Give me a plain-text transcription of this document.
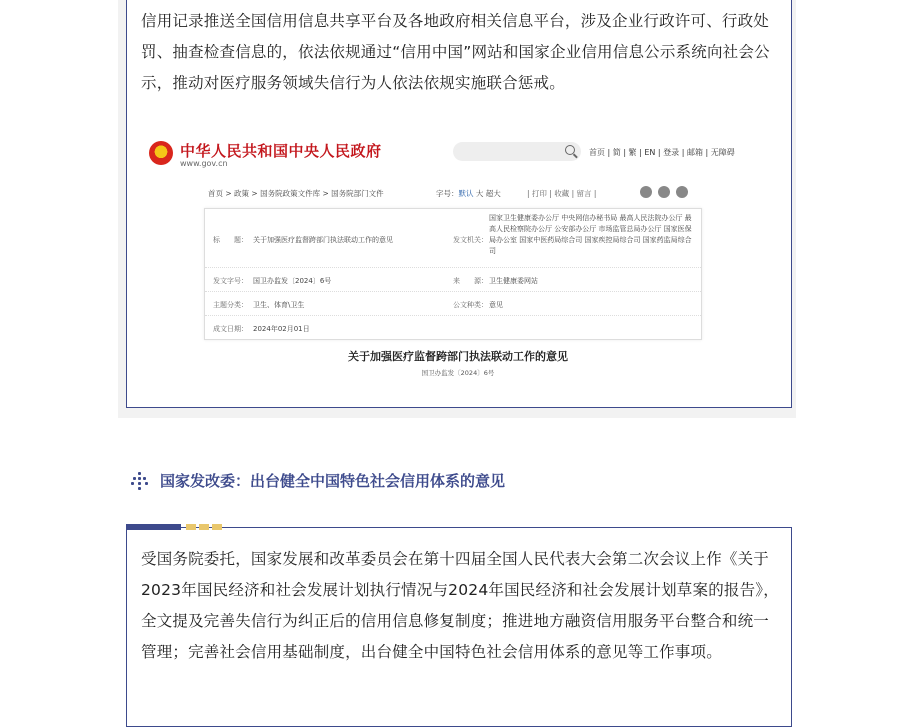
信用记录推送全国信用信息共享平台及各地政府相关信息平台，涉及企业行政许可、行政处罚、抽查检查信息的，依法依规通过“信用中国”网站和国家企业信用信息公示系统向社会公示，推动对医疗服务领域失信行为人依法依规实施联合惩戒。

中华人民共和国中央人民政府
www.gov.cn
首页 | 简 | 繁 | EN | 登录 | 邮箱 | 无障碍
首页 > 政策 > 国务院政策文件库 > 国务院部门文件	字号：默认 大 超大	| 打印 | 收藏 | 留言 |
标　　题： 关于加强医疗监督跨部门执法联动工作的意见	发文机关：
国家卫生健康委办公厅 中央网信办秘书局 最高人民法院办公厅 最高人民检察院办公厅 公安部办公厅 市场监管总局办公厅 国家医保局办公室 国家中医药局综合司 国家疾控局综合司 国家药监局综合司
发文字号： 国卫办监发〔2024〕6号	来　　源： 卫生健康委网站
主题分类： 卫生、体育\卫生	公文种类： 意见
成文日期： 2024年02月01日
关于加强医疗监督跨部门执法联动工作的意见
国卫办监发〔2024〕6号
国家发改委：出台健全中国特色社会信用体系的意见

受国务院委托，国家发展和改革委员会在第十四届全国人民代表大会第二次会议上作《关于2023年国民经济和社会发展计划执行情况与2024年国民经济和社会发展计划草案的报告》，全文提及完善失信行为纠正后的信用信息修复制度；推进地方融资信用服务平台整合和统一管理；完善社会信用基础制度，出台健全中国特色社会信用体系的意见等工作事项。
